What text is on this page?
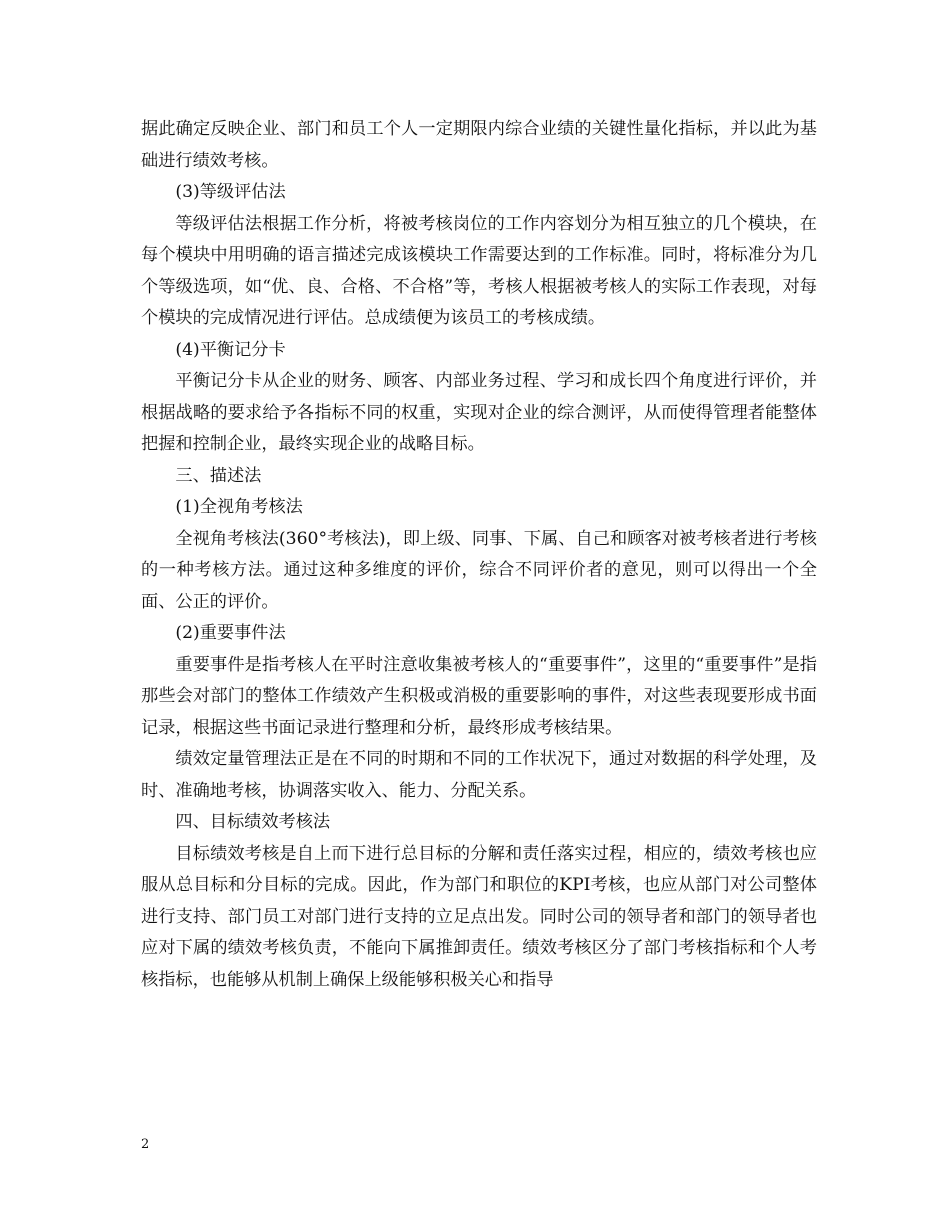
据此确定反映企业、部门和员工个人一定期限内综合业绩的关键性量化指标，并以此为基础进行绩效考核。

(3)等级评估法

等级评估法根据工作分析，将被考核岗位的工作内容划分为相互独立的几个模块，在每个模块中用明确的语言描述完成该模块工作需要达到的工作标准。同时，将标准分为几个等级选项，如“优、良、合格、不合格”等，考核人根据被考核人的实际工作表现，对每个模块的完成情况进行评估。总成绩便为该员工的考核成绩。

(4)平衡记分卡

平衡记分卡从企业的财务、顾客、内部业务过程、学习和成长四个角度进行评价，并根据战略的要求给予各指标不同的权重，实现对企业的综合测评，从而使得管理者能整体把握和控制企业，最终实现企业的战略目标。

三、描述法

(1)全视角考核法

全视角考核法(360°考核法)，即上级、同事、下属、自己和顾客对被考核者进行考核的一种考核方法。通过这种多维度的评价，综合不同评价者的意见，则可以得出一个全面、公正的评价。

(2)重要事件法

重要事件是指考核人在平时注意收集被考核人的“重要事件”，这里的“重要事件”是指那些会对部门的整体工作绩效产生积极或消极的重要影响的事件，对这些表现要形成书面记录，根据这些书面记录进行整理和分析，最终形成考核结果。

绩效定量管理法正是在不同的时期和不同的工作状况下，通过对数据的科学处理，及时、准确地考核，协调落实收入、能力、分配关系。

四、目标绩效考核法

目标绩效考核是自上而下进行总目标的分解和责任落实过程，相应的，绩效考核也应服从总目标和分目标的完成。因此，作为部门和职位的KPI考核，也应从部门对公司整体进行支持、部门员工对部门进行支持的立足点出发。同时公司的领导者和部门的领导者也应对下属的绩效考核负责，不能向下属推卸责任。绩效考核区分了部门考核指标和个人考核指标，也能够从机制上确保上级能够积极关心和指导

2
